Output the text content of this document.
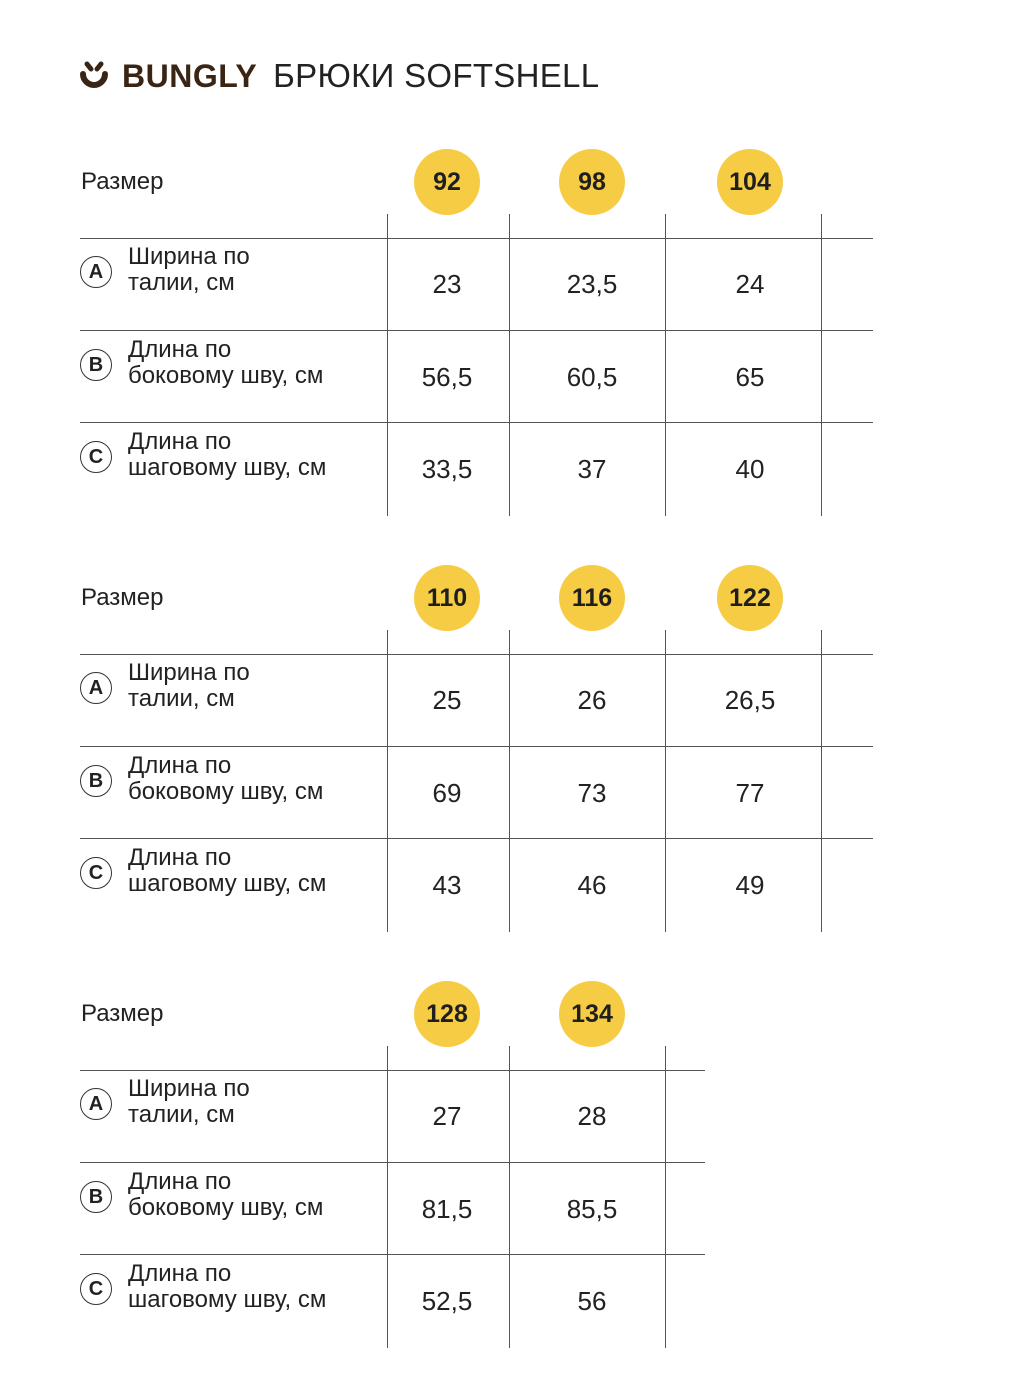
BUNGLY БРЮКИ SOFTSHELL
Размер	92	98	104
A
Ширина по
талии, см	23	23,5	24
B
Длина по
боковому шву, см	56,5	60,5	65
C
Длина по
шаговому шву, см	33,5	37	40
Размер	110	116	122
A
Ширина по
талии, см	25	26	26,5
B
Длина по
боковому шву, см	69	73	77
C
Длина по
шаговому шву, см	43	46	49
Размер	128	134
A
Ширина по
талии, см	27	28
B
Длина по
боковому шву, см	81,5	85,5
C
Длина по
шаговому шву, см	52,5	56
